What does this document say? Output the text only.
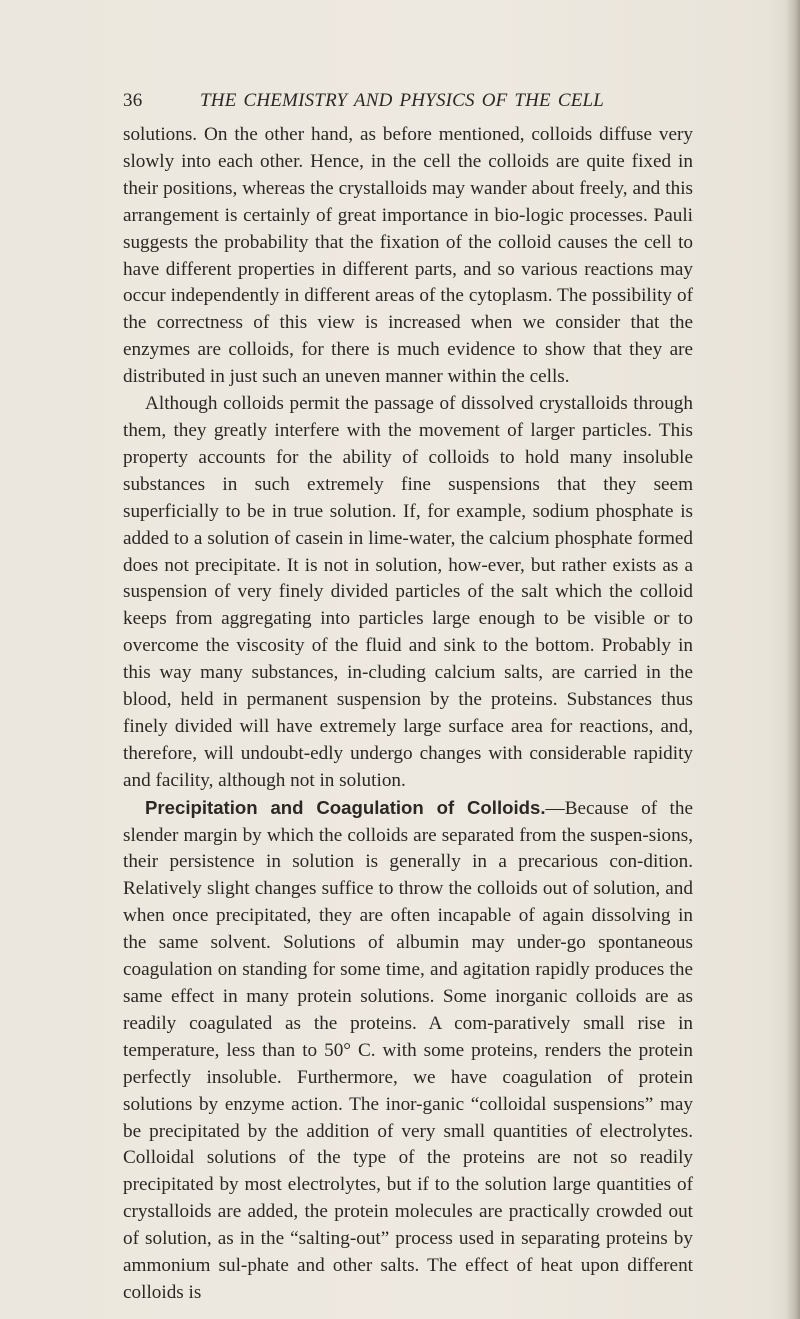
36	THE CHEMISTRY AND PHYSICS OF THE CELL

solutions. On the other hand, as before mentioned, colloids diffuse very slowly into each other. Hence, in the cell the colloids are quite fixed in their positions, whereas the crystalloids may wander about freely, and this arrangement is certainly of great importance in bio-logic processes. Pauli suggests the probability that the fixation of the colloid causes the cell to have different properties in different parts, and so various reactions may occur independently in different areas of the cytoplasm. The possibility of the correctness of this view is increased when we consider that the enzymes are colloids, for there is much evidence to show that they are distributed in just such an uneven manner within the cells.

Although colloids permit the passage of dissolved crystalloids through them, they greatly interfere with the movement of larger particles. This property accounts for the ability of colloids to hold many insoluble substances in such extremely fine suspensions that they seem superficially to be in true solution. If, for example, sodium phosphate is added to a solution of casein in lime-water, the calcium phosphate formed does not precipitate. It is not in solution, how-ever, but rather exists as a suspension of very finely divided particles of the salt which the colloid keeps from aggregating into particles large enough to be visible or to overcome the viscosity of the fluid and sink to the bottom. Probably in this way many substances, in-cluding calcium salts, are carried in the blood, held in permanent suspension by the proteins. Substances thus finely divided will have extremely large surface area for reactions, and, therefore, will undoubt-edly undergo changes with considerable rapidity and facility, although not in solution.

Precipitation and Coagulation of Colloids.—Because of the slender margin by which the colloids are separated from the suspen-sions, their persistence in solution is generally in a precarious con-dition. Relatively slight changes suffice to throw the colloids out of solution, and when once precipitated, they are often incapable of again dissolving in the same solvent. Solutions of albumin may under-go spontaneous coagulation on standing for some time, and agitation rapidly produces the same effect in many protein solutions. Some inorganic colloids are as readily coagulated as the proteins. A com-paratively small rise in temperature, less than to 50° C. with some proteins, renders the protein perfectly insoluble. Furthermore, we have coagulation of protein solutions by enzyme action. The inor-ganic “colloidal suspensions” may be precipitated by the addition of very small quantities of electrolytes. Colloidal solutions of the type of the proteins are not so readily precipitated by most electrolytes, but if to the solution large quantities of crystalloids are added, the protein molecules are practically crowded out of solution, as in the “salting-out” process used in separating proteins by ammonium sul-phate and other salts. The effect of heat upon different colloids is
